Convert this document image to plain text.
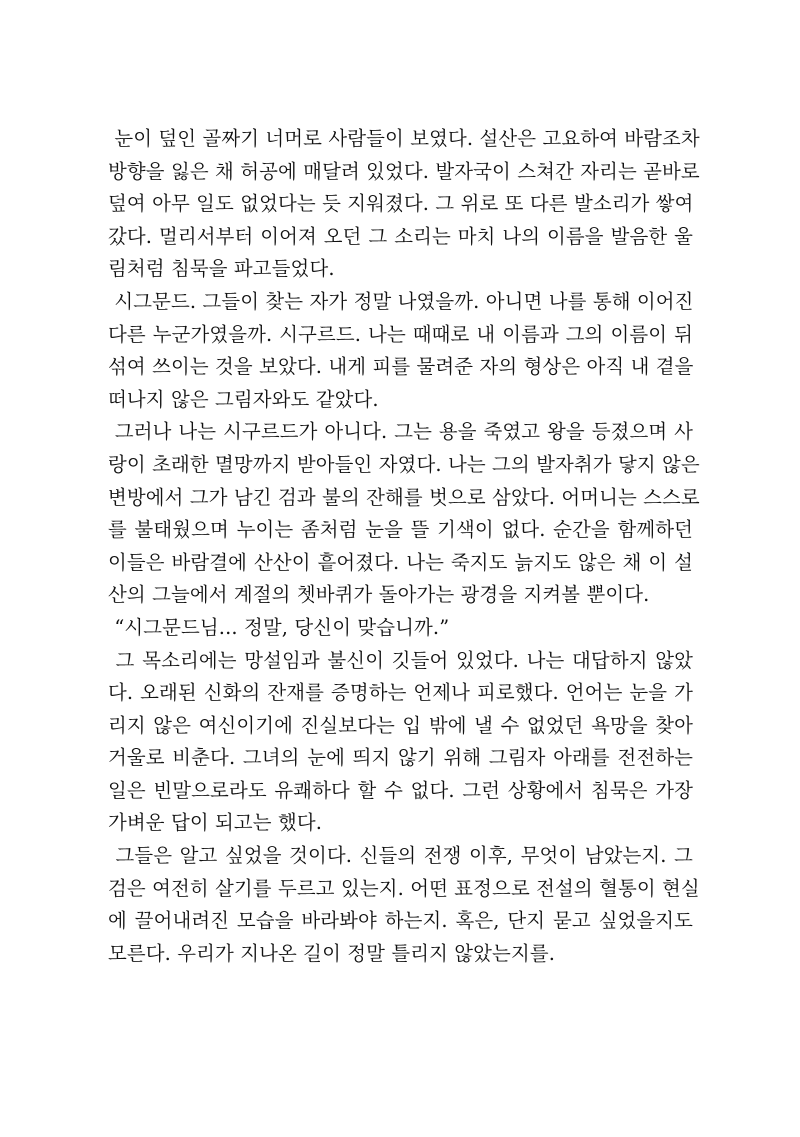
눈이 덮인 골짜기 너머로 사람들이 보였다. 설산은 고요하여 바람조차
방향을 잃은 채 허공에 매달려 있었다. 발자국이 스쳐간 자리는 곧바로
덮여 아무 일도 없었다는 듯 지워졌다. 그 위로 또 다른 발소리가 쌓여
갔다. 멀리서부터 이어져 오던 그 소리는 마치 나의 이름을 발음한 울
림처럼 침묵을 파고들었다.
시그문드. 그들이 찾는 자가 정말 나였을까. 아니면 나를 통해 이어진
다른 누군가였을까. 시구르드. 나는 때때로 내 이름과 그의 이름이 뒤
섞여 쓰이는 것을 보았다. 내게 피를 물려준 자의 형상은 아직 내 곁을
떠나지 않은 그림자와도 같았다.
그러나 나는 시구르드가 아니다. 그는 용을 죽였고 왕을 등졌으며 사
랑이 초래한 멸망까지 받아들인 자였다. 나는 그의 발자취가 닿지 않은
변방에서 그가 남긴 검과 불의 잔해를 벗으로 삼았다. 어머니는 스스로
를 불태웠으며 누이는 좀처럼 눈을 뜰 기색이 없다. 순간을 함께하던
이들은 바람결에 산산이 흩어졌다. 나는 죽지도 늙지도 않은 채 이 설
산의 그늘에서 계절의 쳇바퀴가 돌아가는 광경을 지켜볼 뿐이다.
“시그문드님... 정말, 당신이 맞습니까.”
그 목소리에는 망설임과 불신이 깃들어 있었다. 나는 대답하지 않았
다. 오래된 신화의 잔재를 증명하는 언제나 피로했다. 언어는 눈을 가
리지 않은 여신이기에 진실보다는 입 밖에 낼 수 없었던 욕망을 찾아
거울로 비춘다. 그녀의 눈에 띄지 않기 위해 그림자 아래를 전전하는
일은 빈말으로라도 유쾌하다 할 수 없다. 그런 상황에서 침묵은 가장
가벼운 답이 되고는 했다.
그들은 알고 싶었을 것이다. 신들의 전쟁 이후, 무엇이 남았는지. 그
검은 여전히 살기를 두르고 있는지. 어떤 표정으로 전설의 혈통이 현실
에 끌어내려진 모습을 바라봐야 하는지. 혹은, 단지 묻고 싶었을지도
모른다. 우리가 지나온 길이 정말 틀리지 않았는지를.
